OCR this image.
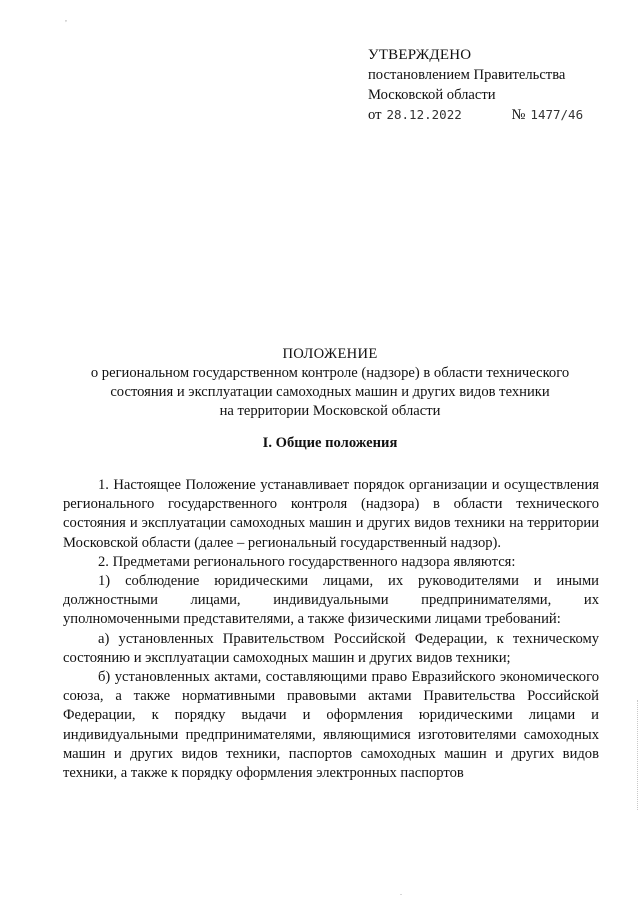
,
УТВЕРЖДЕНО
постановлением Правительства
Московской области
от 28.12.2022	№ 1477/46
ПОЛОЖЕНИЕ
о региональном государственном контроле (надзоре) в области технического
состояния и эксплуатации самоходных машин и других видов техники
на территории Московской области
I. Общие положения

1. Настоящее Положение устанавливает порядок организации и осуществления регионального государственного контроля (надзора) в области технического состояния и эксплуатации самоходных машин и других видов техники на территории Московской области (далее – региональный государственный надзор).

2. Предметами регионального государственного надзора являются:

1) соблюдение юридическими лицами, их руководителями и иными должностными лицами, индивидуальными предпринимателями, их уполномоченными представителями, а также физическими лицами требований:

а) установленных Правительством Российской Федерации, к техническому состоянию и эксплуатации самоходных машин и других видов техники;

б) установленных актами, составляющими право Евразийского экономического союза, а также нормативными правовыми актами Правительства Российской Федерации, к порядку выдачи и оформления юридическими лицами и индивидуальными предпринимателями, являющимися изготовителями самоходных машин и других видов техники, паспортов самоходных машин и других видов техники, а также к порядку оформления электронных паспортов

.
